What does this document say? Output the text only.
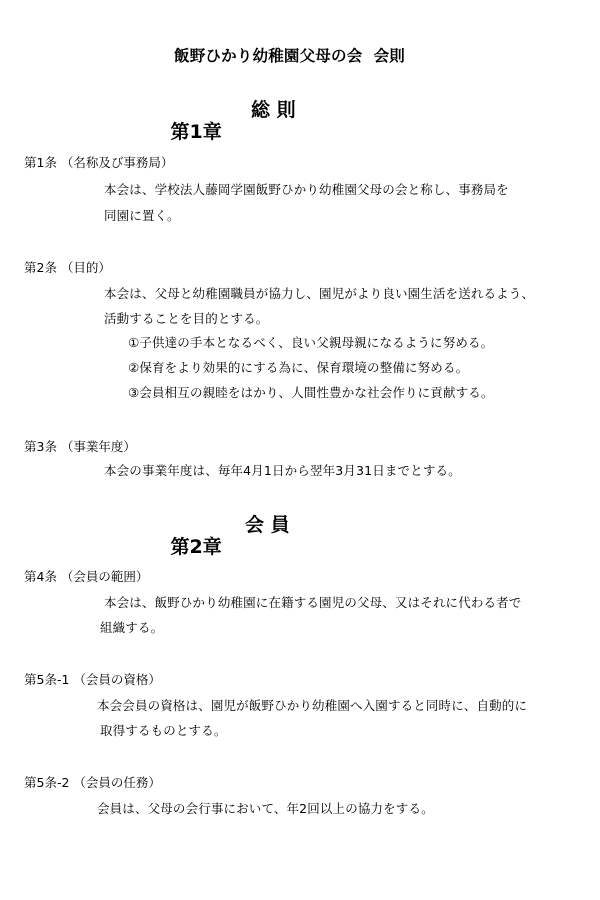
飯野ひかり幼稚園父母の会  会則

第1章

総 則

第1条 （名称及び事務局）
本会は、学校法人藤岡学園飯野ひかり幼稚園父母の会と称し、事務局を
同園に置く。
第2条 （目的）
本会は、父母と幼稚園職員が協力し、園児がより良い園生活を送れるよう、
活動することを目的とする。
①子供達の手本となるべく、良い父親母親になるように努める。
②保育をより効果的にする為に、保育環境の整備に努める。
③会員相互の親睦をはかり、人間性豊かな社会作りに貢献する。
第3条 （事業年度）
本会の事業年度は、毎年4月1日から翌年3月31日までとする。

第2章

会 員

第4条 （会員の範囲）
本会は、飯野ひかり幼稚園に在籍する園児の父母、又はそれに代わる者で
組織する。
第5条-1 （会員の資格）
本会会員の資格は、園児が飯野ひかり幼稚園へ入園すると同時に、自動的に
取得するものとする。
第5条-2 （会員の任務）
会員は、父母の会行事において、年2回以上の協力をする。
